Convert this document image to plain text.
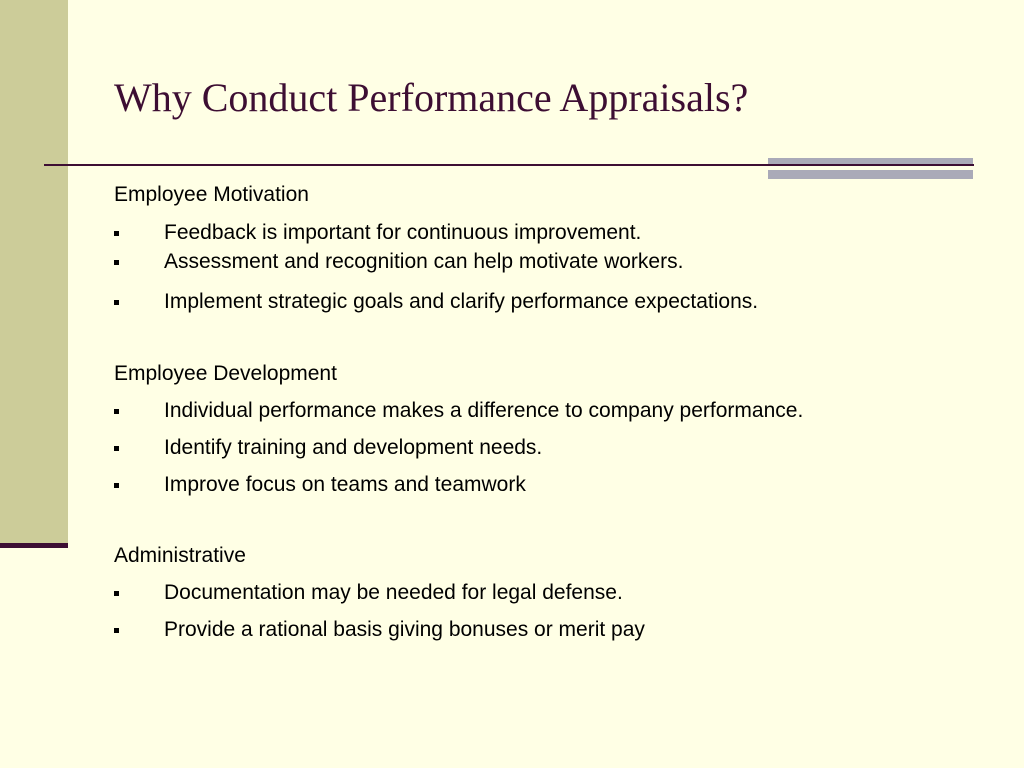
Why Conduct Performance Appraisals?
Employee Motivation
Feedback is important for continuous improvement.
Assessment and recognition can help motivate workers.
Implement strategic goals and clarify performance expectations.
Employee Development
Individual performance makes a difference to company performance.
Identify training and development needs.
Improve focus on teams and teamwork
Administrative
Documentation may be needed for legal defense.
Provide a rational basis giving bonuses or merit pay
